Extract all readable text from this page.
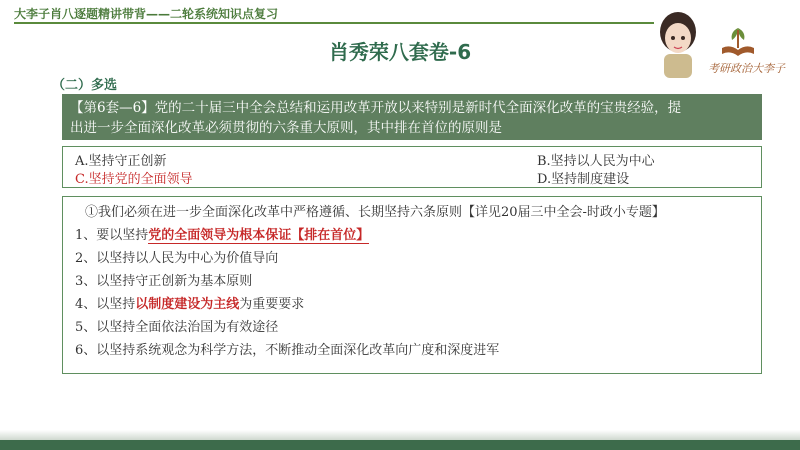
大李子肖八逐题精讲带背——二轮系统知识点复习
考研政治大李子
肖秀荣八套卷-6
（二）多选
【第6套—6】党的二十届三中全会总结和运用改革开放以来特别是新时代全面深化改革的宝贵经验，提
出进一步全面深化改革必须贯彻的六条重大原则，其中排在首位的原则是
A.坚持守正创新	B.坚持以人民为中心
C.坚持党的全面领导	D.坚持制度建设
①我们必须在进一步全面深化改革中严格遵循、长期坚持六条原则【详见20届三中全会-时政小专题】
1、要以坚持党的全面领导为根本保证【排在首位】
2、以坚持以人民为中心为价值导向
3、以坚持守正创新为基本原则
4、以坚持以制度建设为主线为重要要求
5、以坚持全面依法治国为有效途径
6、以坚持系统观念为科学方法，不断推动全面深化改革向广度和深度进军
